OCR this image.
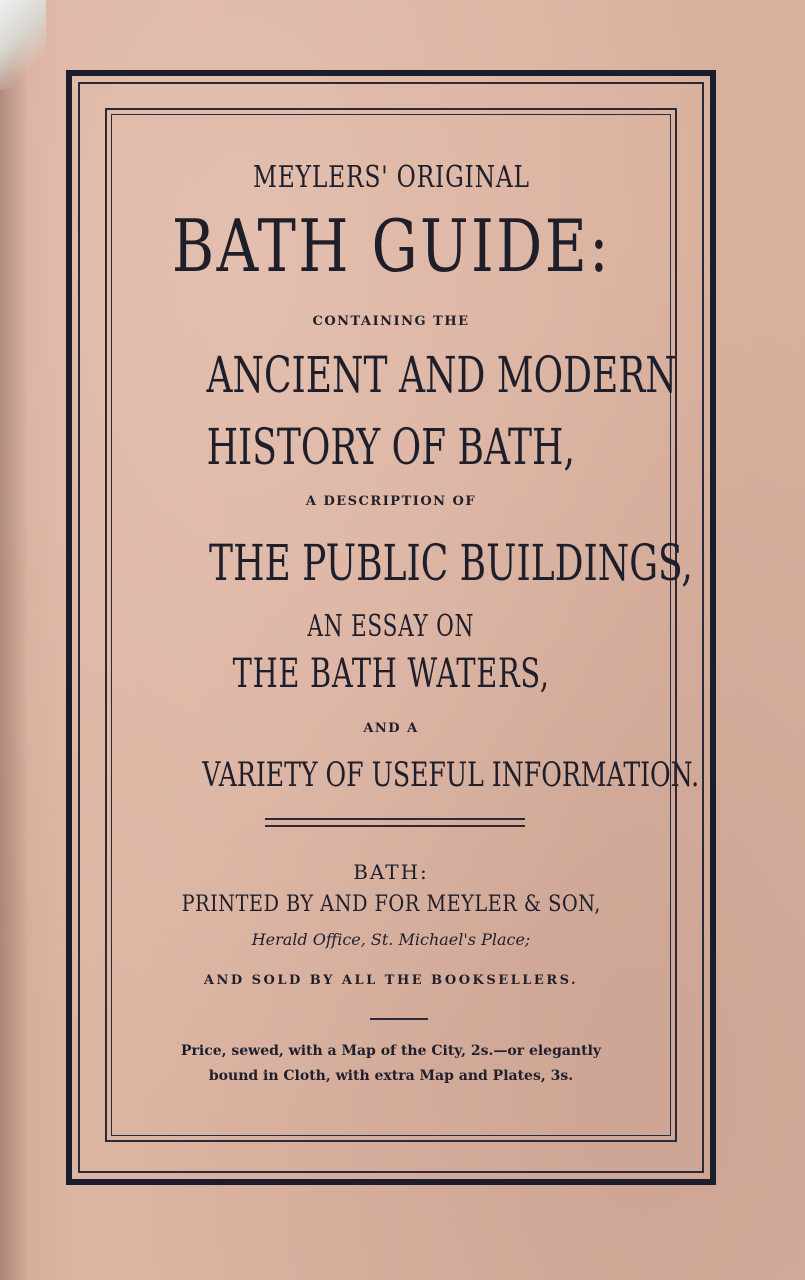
MEYLERS' ORIGINAL
BATH GUIDE:
CONTAINING THE
ANCIENT AND MODERN
HISTORY OF BATH,
A DESCRIPTION OF
THE PUBLIC BUILDINGS,
AN ESSAY ON
THE BATH WATERS,
AND A
VARIETY OF USEFUL INFORMATION.
BATH:
PRINTED BY AND FOR MEYLER & SON,
Herald Office, St. Michael's Place;
AND SOLD BY ALL THE BOOKSELLERS.
Price, sewed, with a Map of the City, 2s.—or elegantly
bound in Cloth, with extra Map and Plates, 3s.
